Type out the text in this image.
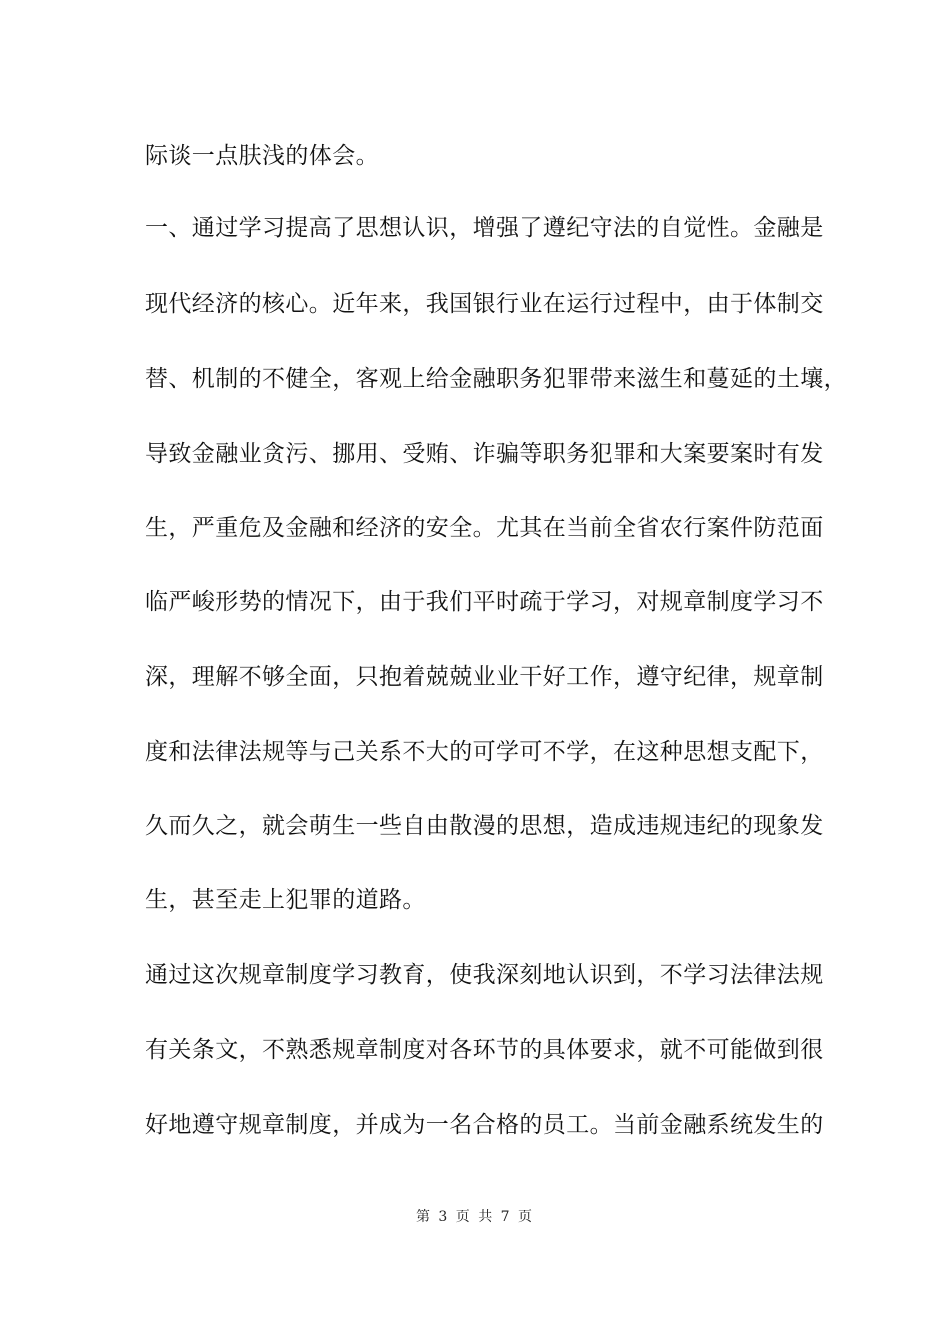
际谈一点肤浅的体会。
一、通过学习提高了思想认识，增强了遵纪守法的自觉性。金融是
现代经济的核心。近年来，我国银行业在运行过程中，由于体制交
替、机制的不健全，客观上给金融职务犯罪带来滋生和蔓延的土壤，
导致金融业贪污、挪用、受贿、诈骗等职务犯罪和大案要案时有发
生，严重危及金融和经济的安全。尤其在当前全省农行案件防范面
临严峻形势的情况下，由于我们平时疏于学习，对规章制度学习不
深，理解不够全面，只抱着兢兢业业干好工作，遵守纪律，规章制
度和法律法规等与己关系不大的可学可不学，在这种思想支配下，
久而久之，就会萌生一些自由散漫的思想，造成违规违纪的现象发
生，甚至走上犯罪的道路。
通过这次规章制度学习教育，使我深刻地认识到，不学习法律法规
有关条文，不熟悉规章制度对各环节的具体要求，就不可能做到很
好地遵守规章制度，并成为一名合格的员工。当前金融系统发生的
第 3 页 共 7 页
